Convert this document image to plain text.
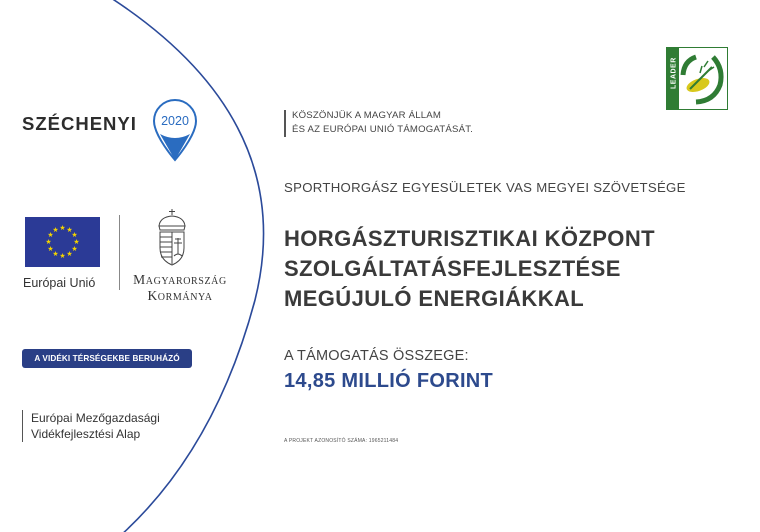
SZÉCHENYI 2020
★ ★
★
★
★
★
★
★
★
★
★
★
Európai Unió	MAGYARORSZÁG
KORMÁNYA
A VIDÉKI TÉRSÉGEKBE BERUHÁZÓ EURÓPA
Európai Mezőgazdasági
Vidékfejlesztési Alap
KÖSZÖNJÜK A MAGYAR ÁLLAM
ÉS AZ EURÓPAI UNIÓ TÁMOGATÁSÁT.
LEADER
SPORTHORGÁSZ EGYESÜLETEK VAS MEGYEI SZÖVETSÉGE
HORGÁSZTURISZTIKAI KÖZPONT
SZOLGÁLTATÁSFEJLESZTÉSE
MEGÚJULÓ ENERGIÁKKAL
A TÁMOGATÁS ÖSSZEGE:
14,85 MILLIÓ FORINT
A PROJEKT AZONOSÍTÓ SZÁMA: 1965211484
